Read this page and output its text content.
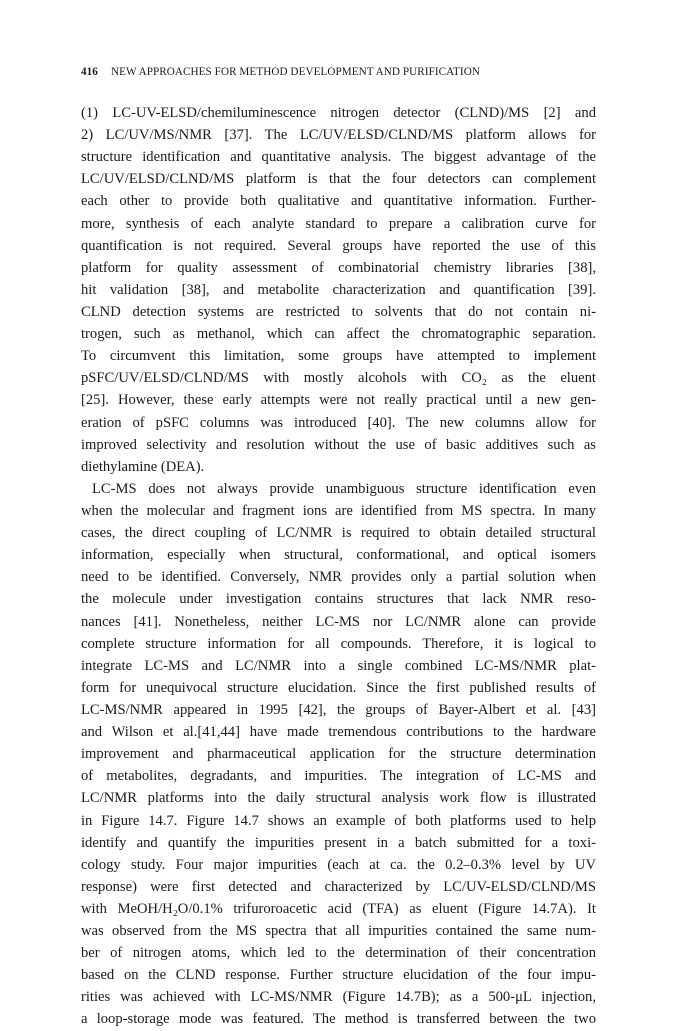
416 NEW APPROACHES FOR METHOD DEVELOPMENT AND PURIFICATION

(1) LC-UV-ELSD/chemiluminescence nitrogen detector (CLND)/MS [2] and
2) LC/UV/MS/NMR [37]. The LC/UV/ELSD/CLND/MS platform allows for
structure identification and quantitative analysis. The biggest advantage of the
LC/UV/ELSD/CLND/MS platform is that the four detectors can complement
each other to provide both qualitative and quantitative information. Further-
more, synthesis of each analyte standard to prepare a calibration curve for
quantification is not required. Several groups have reported the use of this
platform for quality assessment of combinatorial chemistry libraries [38],
hit validation [38], and metabolite characterization and quantification [39].
CLND detection systems are restricted to solvents that do not contain ni-
trogen, such as methanol, which can affect the chromatographic separation.
To circumvent this limitation, some groups have attempted to implement
pSFC/UV/ELSD/CLND/MS with mostly alcohols with CO₂ as the eluent
[25]. However, these early attempts were not really practical until a new gen-
eration of pSFC columns was introduced [40]. The new columns allow for
improved selectivity and resolution without the use of basic additives such as
diethylamine (DEA).

LC-MS does not always provide unambiguous structure identification even
when the molecular and fragment ions are identified from MS spectra. In many
cases, the direct coupling of LC/NMR is required to obtain detailed structural
information, especially when structural, conformational, and optical isomers
need to be identified. Conversely, NMR provides only a partial solution when
the molecule under investigation contains structures that lack NMR reso-
nances [41]. Nonetheless, neither LC-MS nor LC/NMR alone can provide
complete structure information for all compounds. Therefore, it is logical to
integrate LC-MS and LC/NMR into a single combined LC-MS/NMR plat-
form for unequivocal structure elucidation. Since the first published results of
LC-MS/NMR appeared in 1995 [42], the groups of Bayer-Albert et al. [43]
and Wilson et al.[41,44] have made tremendous contributions to the hardware
improvement and pharmaceutical application for the structure determination
of metabolites, degradants, and impurities. The integration of LC-MS and
LC/NMR platforms into the daily structural analysis work flow is illustrated
in Figure 14.7. Figure 14.7 shows an example of both platforms used to help
identify and quantify the impurities present in a batch submitted for a toxi-
cology study. Four major impurities (each at ca. the 0.2–0.3% level by UV
response) were first detected and characterized by LC/UV-ELSD/CLND/MS
with MeOH/H₂O/0.1% trifuroroacetic acid (TFA) as eluent (Figure 14.7A). It
was observed from the MS spectra that all impurities contained the same num-
ber of nitrogen atoms, which led to the determination of their concentration
based on the CLND response. Further structure elucidation of the four impu-
rities was achieved with LC-MS/NMR (Figure 14.7B); as a 500-μL injection,
a loop-storage mode was featured. The method is transferred between the two
